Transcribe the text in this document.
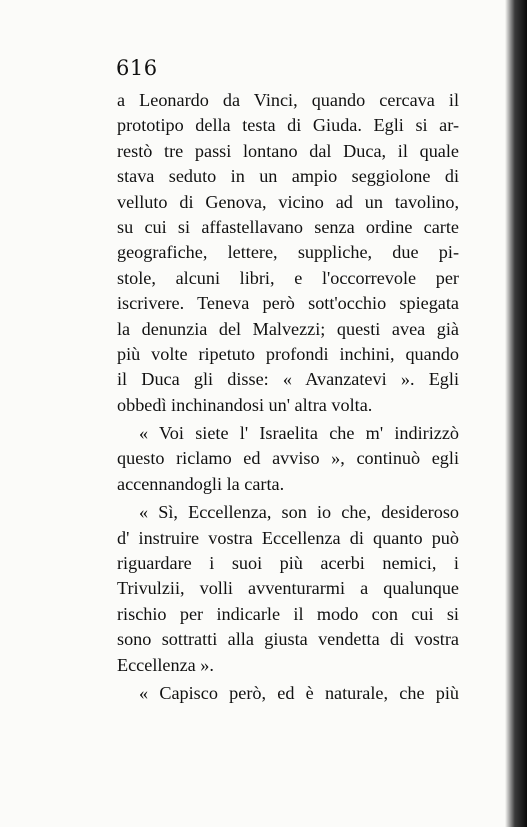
616
a Leonardo da Vinci, quando cercava il
prototipo della testa di Giuda. Egli si ar-
restò tre passi lontano dal Duca, il quale
stava seduto in un ampio seggiolone di
velluto di Genova, vicino ad un tavolino,
su cui si affastellavano senza ordine carte
geografiche, lettere, suppliche, due pi-
stole, alcuni libri, e l'occorrevole per
iscrivere. Teneva però sott'occhio spiegata
la denunzia del Malvezzi; questi avea già
più volte ripetuto profondi inchini, quando
il Duca gli disse: « Avanzatevi ». Egli
obbedì inchinandosi un' altra volta.
« Voi siete l' Israelita che m' indirizzò
questo riclamo ed avviso », continuò egli
accennandogli la carta.
« Sì, Eccellenza, son io che, desideroso
d' instruire vostra Eccellenza di quanto può
riguardare i suoi più acerbi nemici, i
Trivulzii, volli avventurarmi a qualunque
rischio per indicarle il modo con cui si
sono sottratti alla giusta vendetta di vostra
Eccellenza ».
« Capisco però, ed è naturale, che più
